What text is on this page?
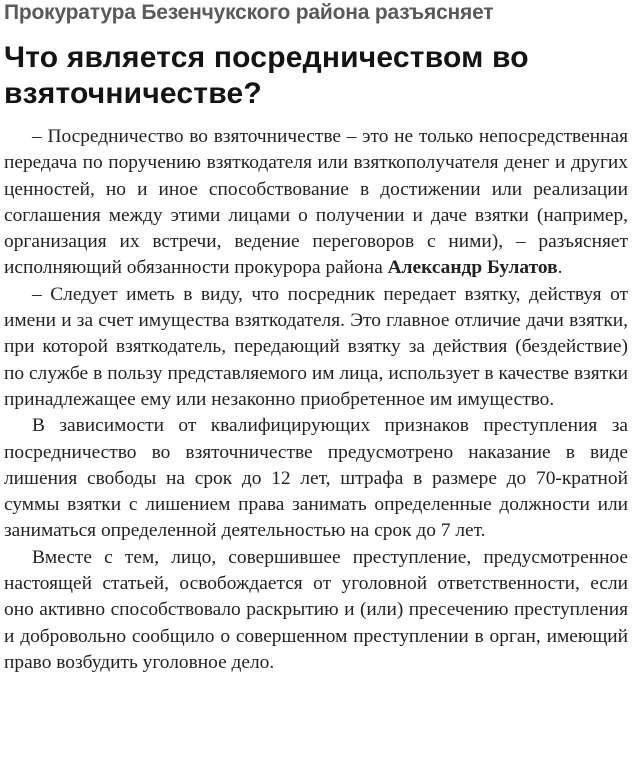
Прокуратура Безенчукского района разъясняет
Что является посредничеством во взяточничестве?

– Посредничество во взяточничестве – это не только непосредственная передача по поручению взяткодателя или взяткополучателя денег и других ценностей, но и иное способствование в достижении или реализации соглашения между этими лицами о получении и даче взятки (например, организация их встречи, ведение переговоров с ними), – разъясняет исполняющий обязанности прокурора района Александр Булатов.

– Следует иметь в виду, что посредник передает взятку, действуя от имени и за счет имущества взяткодателя. Это главное отличие дачи взятки, при которой взяткодатель, передающий взятку за действия (бездействие) по службе в пользу представляемого им лица, использует в качестве взятки принадлежащее ему или незаконно приобретенное им имущество.

В зависимости от квалифицирующих признаков преступления за посредничество во взяточничестве предусмотрено наказание в виде лишения свободы на срок до 12 лет, штрафа в размере до 70-кратной суммы взятки с лишением права занимать определенные должности или заниматься определенной деятельностью на срок до 7 лет.

Вместе с тем, лицо, совершившее преступление, предусмотренное настоящей статьей, освобождается от уголовной ответственности, если оно активно способствовало раскрытию и (или) пресечению преступления и добровольно сообщило о совершенном преступлении в орган, имеющий право возбудить уголовное дело.
